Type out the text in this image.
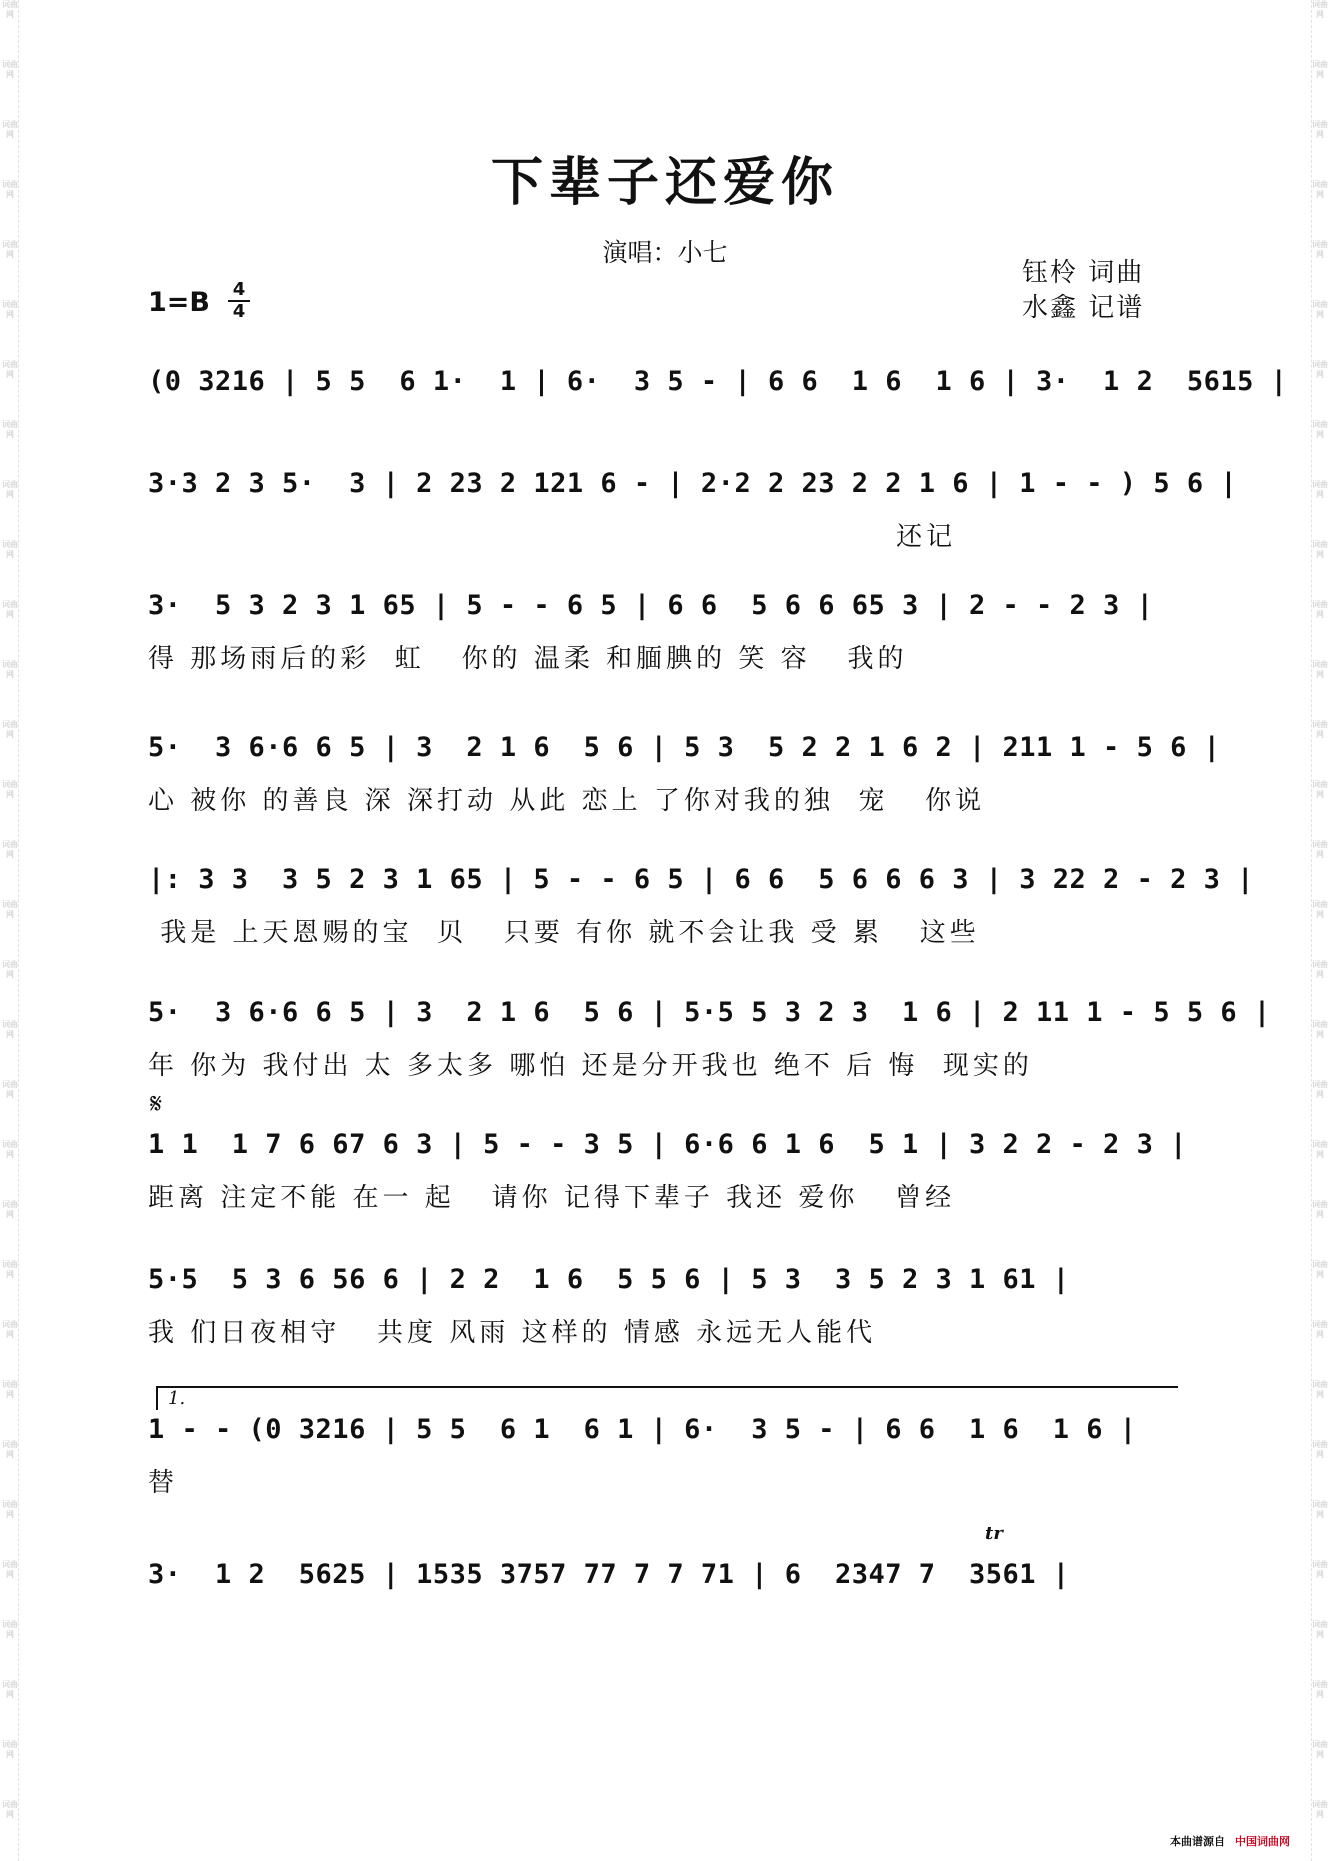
词曲网
词曲网
词曲网
词曲网
词曲网
词曲网
词曲网
词曲网
词曲网
词曲网
词曲网
词曲网
词曲网
词曲网
词曲网
词曲网
词曲网
词曲网
词曲网
词曲网
词曲网
词曲网
词曲网
词曲网
词曲网
词曲网
词曲网
词曲网
词曲网
词曲网
词曲网
词曲网
词曲网
词曲网
词曲网
词曲网
词曲网
词曲网
词曲网
词曲网
词曲网
词曲网
词曲网
词曲网
词曲网
词曲网
词曲网
词曲网
词曲网
词曲网
词曲网
词曲网
词曲网
词曲网
词曲网
词曲网
词曲网
词曲网
词曲网
词曲网
词曲网
词曲网
下辈子还爱你
演唱：小七
钰柃 词曲
水鑫 记谱
1=B 4
4
(0 3216 | 5 5  6 1·  1 | 6·  3 5 - | 6 6  1 6  1 6 | 3·  1 2  5615 |
3·3 2 3 5·  3 | 2 23 2 121 6 - | 2·2 2 23 2 2 1 6 | 1 - - ) 5 6 |
还记
3·  5 3 2 3 1 65 | 5 - - 6 5 | 6 6  5 6 6 65 3 | 2 - - 2 3 |
得 那场雨后的彩  虹   你的 温柔 和腼腆的 笑 容   我的
5·  3 6·6 6 5 | 3  2 1 6  5 6 | 5 3  5 2 2 1 6 2 | 211 1 - 5 6 |
心 被你 的善良 深 深打动 从此 恋上 了你对我的独  宠   你说
|: 3 3  3 5 2 3 1 65 | 5 - - 6 5 | 6 6  5 6 6 6 3 | 3 22 2 - 2 3 |
我是 上天恩赐的宝  贝   只要 有你 就不会让我 受 累   这些
5·  3 6·6 6 5 | 3  2 1 6  5 6 | 5·5 5 3 2 3  1 6 | 2 11 1 - 5 5 6 |
年 你为 我付出 太 多太多 哪怕 还是分开我也 绝不 后 悔  现实的
𝄋
1 1  1 7 6 67 6 3 | 5 - - 3 5 | 6·6 6 1 6  5 1 | 3 2 2 - 2 3 |
距离 注定不能 在一 起   请你 记得下辈子 我还 爱你   曾经
5·5  5 3 6 56 6 | 2 2  1 6  5 5 6 | 5 3  3 5 2 3 1 61 |
我 们日夜相守   共度 风雨 这样的 情感 永远无人能代
1.
1 - - (0 3216 | 5 5  6 1  6 1 | 6·  3 5 - | 6 6  1 6  1 6 |
替
tr
3·  1 2  5625 | 1535 3757 77 7 7 71 | 6  2347 7  3561 |
本曲谱源自 中国词曲网
